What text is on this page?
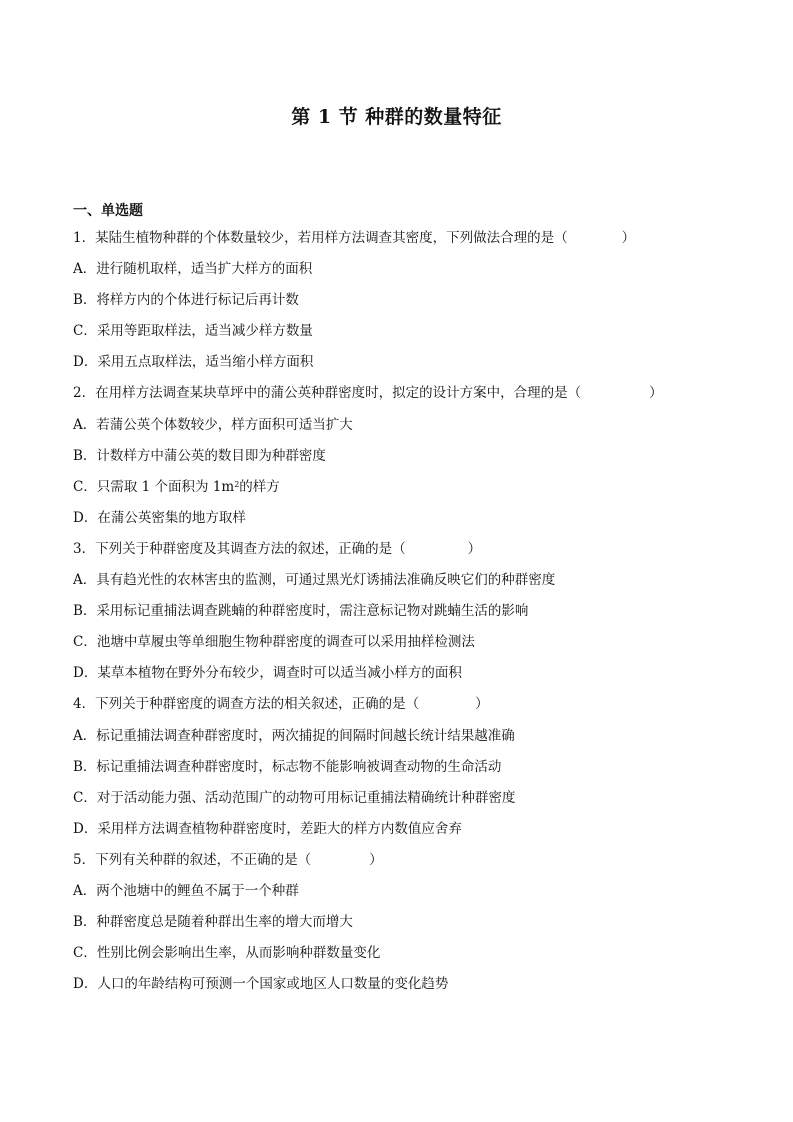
第 1 节 种群的数量特征
一、单选题
1．某陆生植物种群的个体数量较少，若用样方法调查其密度，下列做法合理的是（	）
A．进行随机取样，适当扩大样方的面积
B．将样方内的个体进行标记后再计数
C．采用等距取样法，适当减少样方数量
D．采用五点取样法，适当缩小样方面积
2．在用样方法调查某块草坪中的蒲公英种群密度时，拟定的设计方案中，合理的是（	）
A．若蒲公英个体数较少，样方面积可适当扩大
B．计数样方中蒲公英的数目即为种群密度
C．只需取 1 个面积为 $1m^2$的样方
D．在蒲公英密集的地方取样
3．下列关于种群密度及其调查方法的叙述，正确的是（	）
A．具有趋光性的农林害虫的监测，可通过黑光灯诱捕法准确反映它们的种群密度
B．采用标记重捕法调查跳蝻的种群密度时，需注意标记物对跳蝻生活的影响
C．池塘中草履虫等单细胞生物种群密度的调查可以采用抽样检测法
D．某草本植物在野外分布较少，调查时可以适当减小样方的面积
4．下列关于种群密度的调查方法的相关叙述，正确的是（	）
A．标记重捕法调查种群密度时，两次捕捉的间隔时间越长统计结果越准确
B．标记重捕法调查种群密度时，标志物不能影响被调查动物的生命活动
C．对于活动能力强、活动范围广的动物可用标记重捕法精确统计种群密度
D．采用样方法调查植物种群密度时，差距大的样方内数值应舍弃
5．下列有关种群的叙述，不正确的是（	）
A．两个池塘中的鲤鱼不属于一个种群
B．种群密度总是随着种群出生率的增大而增大
C．性别比例会影响出生率，从而影响种群数量变化
D．人口的年龄结构可预测一个国家或地区人口数量的变化趋势
